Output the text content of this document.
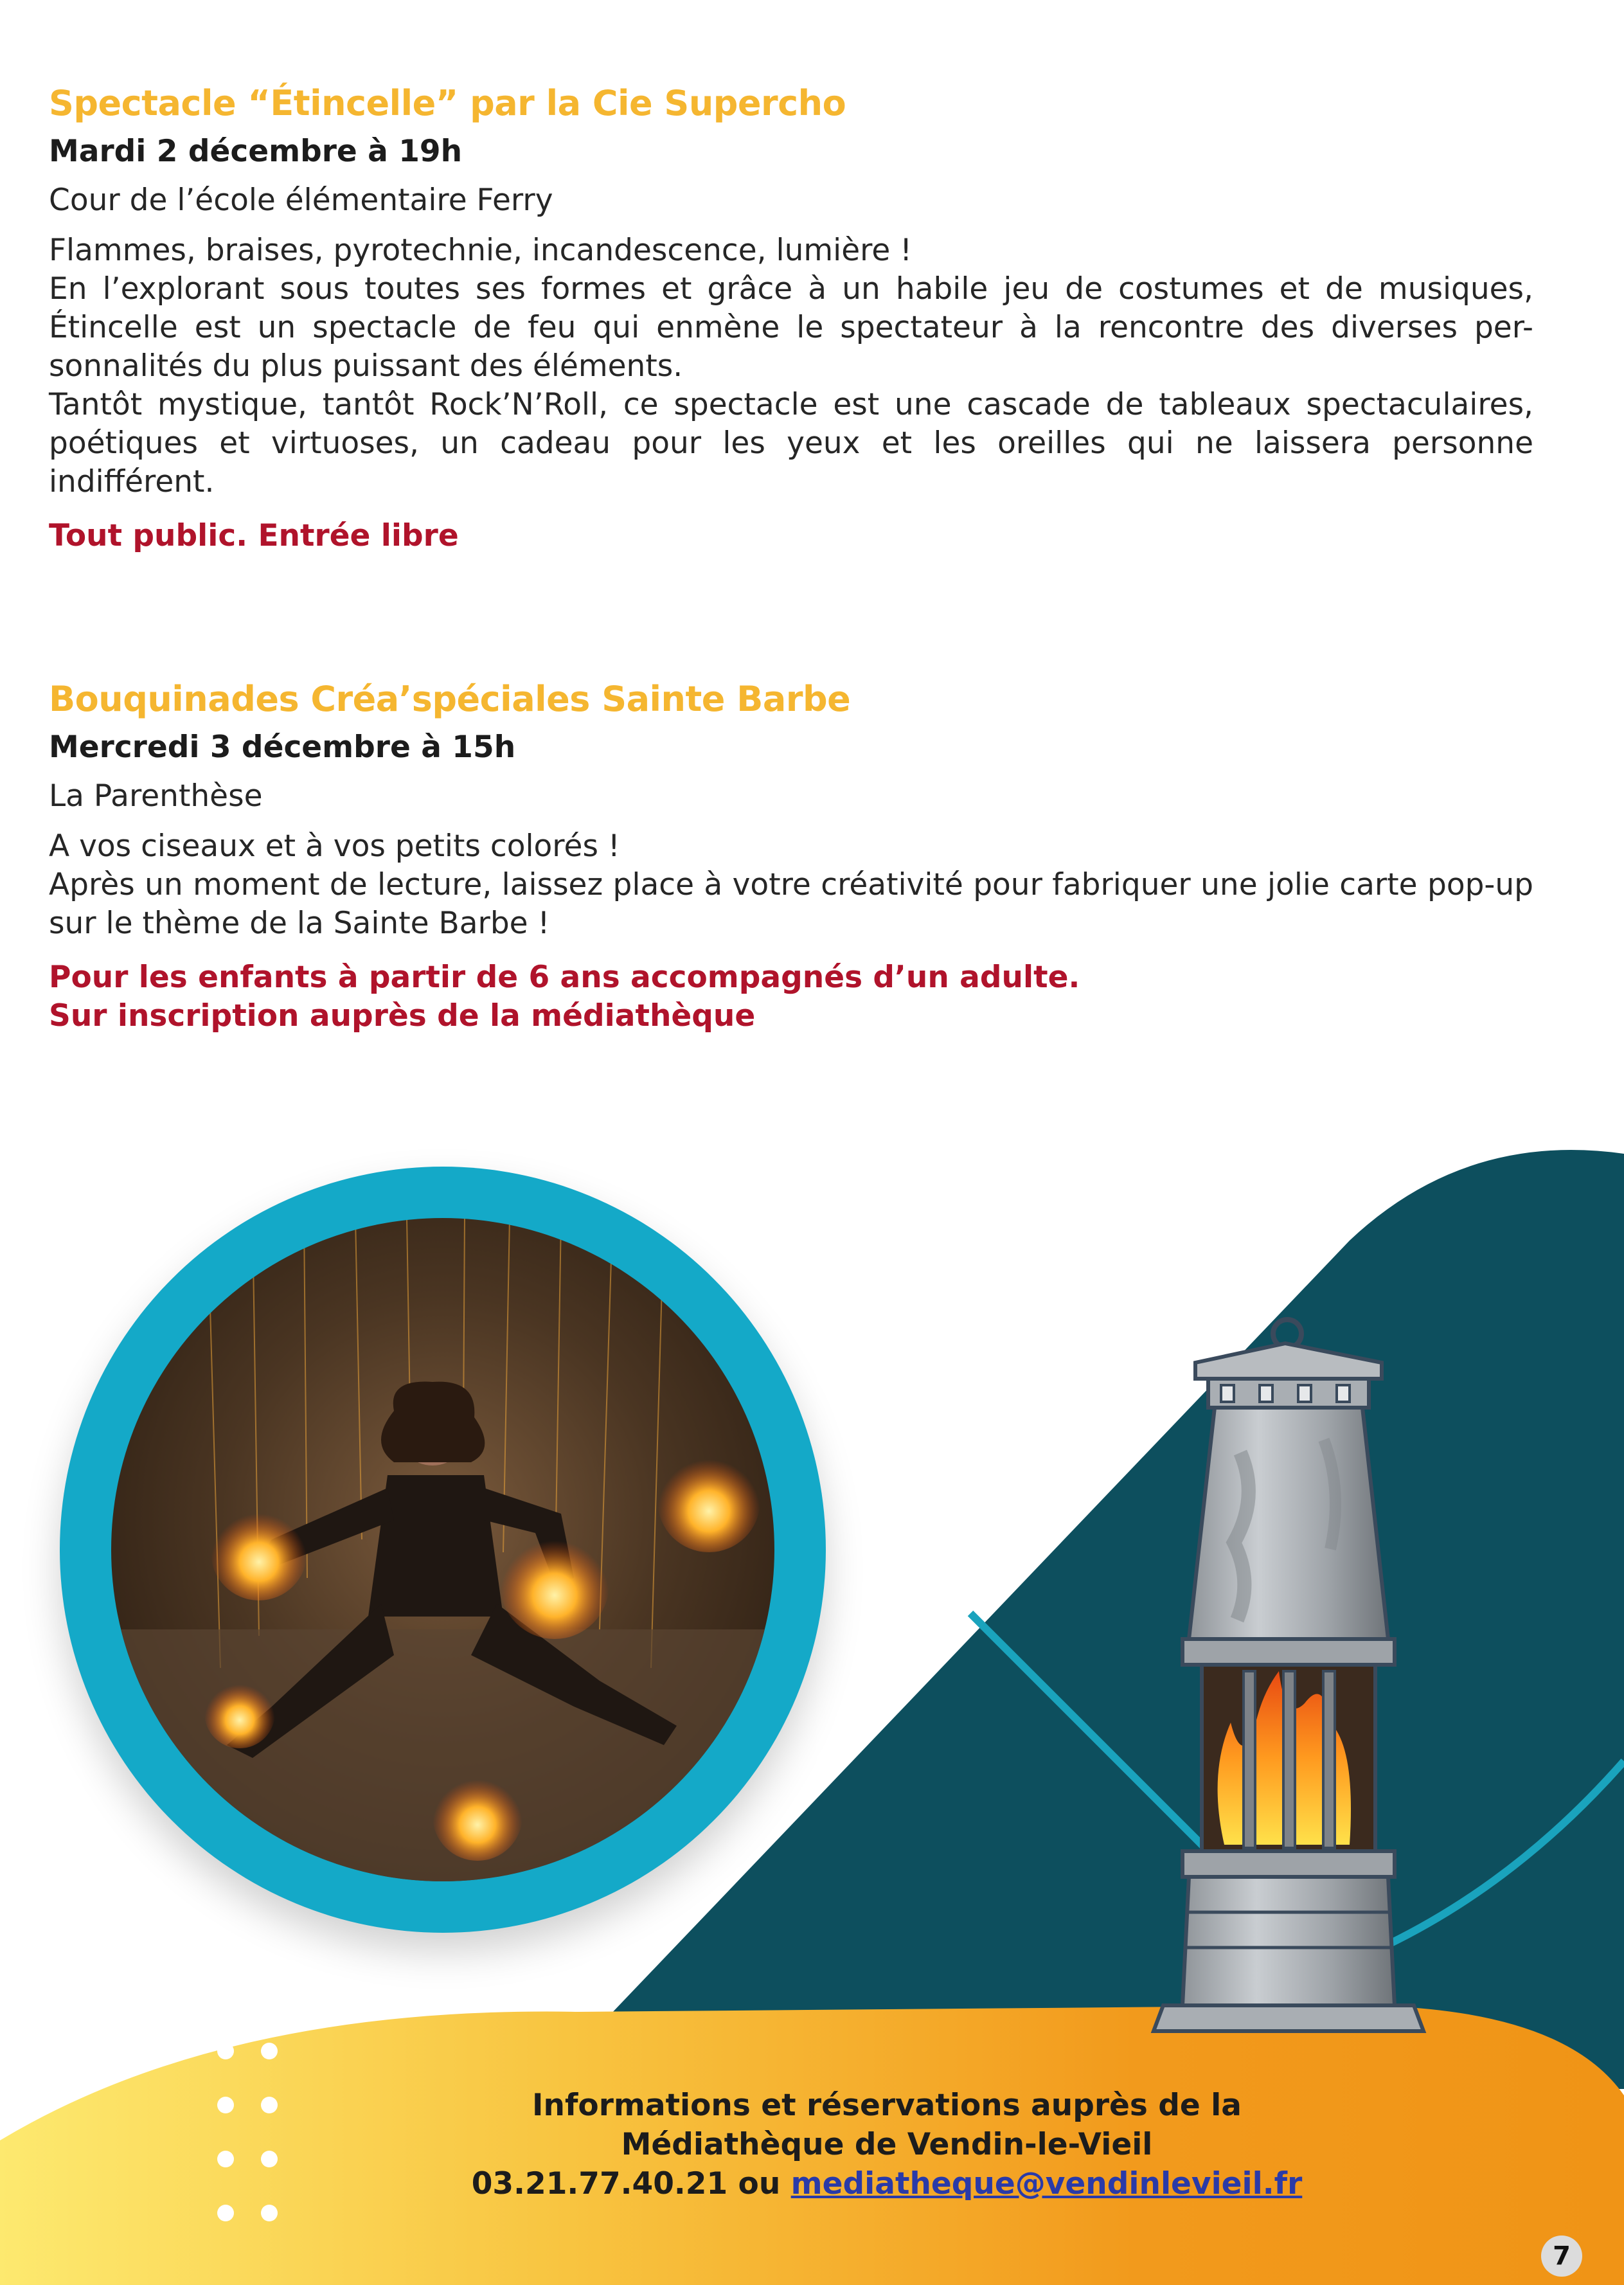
Spectacle “Étincelle” par la Cie Supercho
Mardi 2 décembre à 19h
Cour de l’école élémentaire Ferry

Flammes, braises, pyrotechnie, incandescence, lumière !

En l’explorant sous toutes ses formes et grâce à un habile jeu de costumes et de musiques, Étincelle est un spectacle de feu qui enmène le spectateur à la rencontre des diverses per-sonnalités du plus puissant des éléments.

Tantôt mystique, tantôt Rock’N’Roll, ce spectacle est une cascade de tableaux spectaculaires, poétiques et virtuoses, un cadeau pour les yeux et les oreilles qui ne laissera personne indifférent.

Tout public. Entrée libre
Bouquinades Créa’spéciales Sainte Barbe
Mercredi 3 décembre à 15h
La Parenthèse

A vos ciseaux et à vos petits colorés !

Après un moment de lecture, laissez place à votre créativité pour fabriquer une jolie carte pop-up sur le thème de la Sainte Barbe !

Pour les enfants à partir de 6 ans accompagnés d’un adulte.

Sur inscription auprès de la médiathèque

Informations et réservations auprès de la

Médiathèque de Vendin-le-Vieil

03.21.77.40.21 ou mediatheque@vendinlevieil.fr

7
